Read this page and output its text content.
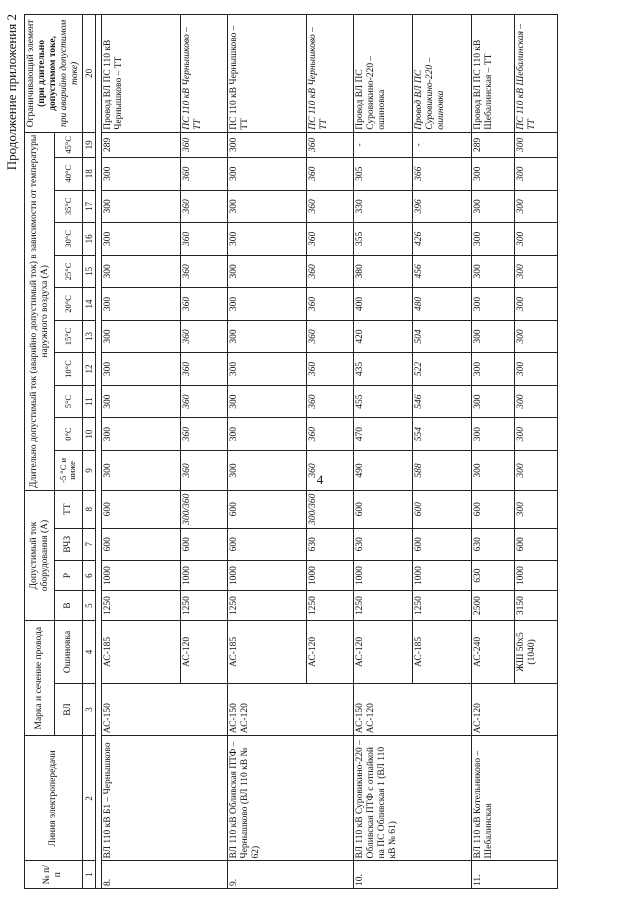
4
Продолжение приложения 2
№ п/п	Линия электропередачи	Марка и сечение провода		Допустимый ток оборудования (А)				Длительно допустимый ток (аварийно допустимый ток) в зависимости от температуры наружного воздуха (А)											Ограничивающий элемент (при длительно допустимом токе, при аварийно допустимом токе)

		ВЛ	Ошиновка	В	Р	ВЧЗ	ТТ	-5 °С и ниже	0°С	5°С	10°С	15°С	20°С	25°С	30°С	35°С	40°С	45°С	
1	2	3	4	5	6	7	8	9	10	11	12	13	14	15	16	17	18	19	20

8.	ВЛ 110 кВ Б1 – Чернышково	АС-150	АС-185	1250	1000	600	600	300	300	300	300	300	300	300	300	300	300	289	Провод ВЛ ПС 110 кВ Чернышково – ТТ
			АС-120	1250	1000	600	300/360	360	360	360	360	360	360	360	360	360	360	360	ПС 110 кВ Чернышково – ТТ
9.	ВЛ 110 кВ Обливская ПТФ – Чернышково (ВЛ 110 кВ № 62)	АС-150 АС-120	АС-185	1250	1000	600	600	300	300	300	300	300	300	300	300	300	300	300	ПС 110 кВ Чернышково – ТТ
			АС-120	1250	1000	630	300/360	360	360	360	360	360	360	360	360	360	360	360	ПС 110 кВ Чернышково – ТТ
10.	ВЛ 110 кВ Суровикино-220 – Обливская ПТФ с отпайкой на ПС Обливская 1 (ВЛ 110 кВ № 61)	АС-150 АС-120	АС-120	1250	1000	630	600	490	470	455	435	420	400	380	355	330	305	-	Провод ВЛ ПС Суровикино-220 – ошиновка
			АС-185	1250	1000	600	600	588	554	546	522	504	480	456	426	396	366	-	Провод ВЛ ПС Суровикино-220 – ошиновка
11.	ВЛ 110 кВ Котельниково – Шебалинская	АС-120	АС-240	2500	630	630	600	300	300	300	300	300	300	300	300	300	300	289	Провод ВЛ ПС 110 кВ Шебалинская – ТТ
			ЖШ 50x5 (1040)	3150	1000	600	300	300	300	300	300	300	300	300	300	300	300	300	ПС 110 кВ Шебалинская – ТТ
